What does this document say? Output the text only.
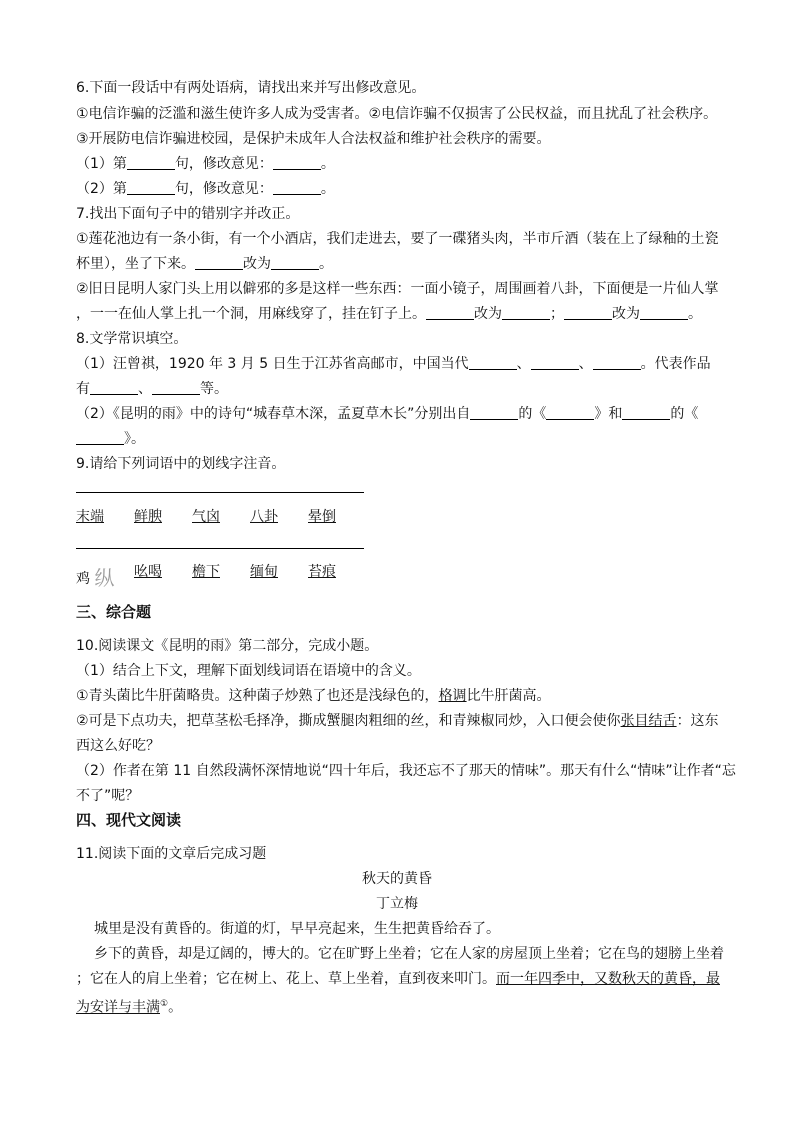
6.下面一段话中有两处语病，请找出来并写出修改意见。
①电信诈骗的泛滥和滋生使许多人成为受害者。②电信诈骗不仅损害了公民权益，而且扰乱了社会秩序。
③开展防电信诈骗进校园，是保护未成年人合法权益和维护社会秩序的需要。
（1）第	句，修改意见：	。
（2）第	句，修改意见：	。
7.找出下面句子中的错别字并改正。
①莲花池边有一条小街，有一个小酒店，我们走进去，要了一碟猪头肉，半市斤酒（装在上了绿釉的土瓷
杯里），坐了下来。	改为	。
②旧日昆明人家门头上用以僻邪的多是这样一些东西：一面小镜子，周围画着八卦，下面便是一片仙人掌
，一一在仙人掌上扎一个洞，用麻线穿了，挂在钉子上。	改为	；	改为	。
8.文学常识填空。
（1）汪曾祺，1920 年 3 月 5 日生于江苏省高邮市，中国当代	、	、	。代表作品
有	、	等。
（2）《昆明的雨》中的诗句“城春草木深，孟夏草木长”分别出自	的《	》和	的《
》。
9.请给下列词语中的划线字注音。
末端	鲜腴	气囟	八卦	晕倒
鸡 纵	吆喝	檐下	缅甸	苔痕
三、综合题
10.阅读课文《昆明的雨》第二部分，完成小题。
（1）结合上下文，理解下面划线词语在语境中的含义。
①青头菌比牛肝菌略贵。这种菌子炒熟了也还是浅绿色的，格调比牛肝菌高。
②可是下点功夫，把草茎松毛择净，撕成蟹腿肉粗细的丝，和青辣椒同炒，入口便会使你张目结舌：这东
西这么好吃？
（2）作者在第 11 自然段满怀深情地说“四十年后，我还忘不了那天的情味”。那天有什么“情味”让作者“忘
不了”呢？
四、现代文阅读
11.阅读下面的文章后完成习题
秋天的黄昏
丁立梅
城里是没有黄昏的。街道的灯，早早亮起来，生生把黄昏给吞了。
乡下的黄昏，却是辽阔的，博大的。它在旷野上坐着；它在人家的房屋顶上坐着；它在鸟的翅膀上坐着
；它在人的肩上坐着；它在树上、花上、草上坐着，直到夜来叩门。而一年四季中，又数秋天的黄昏，最
为安详与丰满①。
